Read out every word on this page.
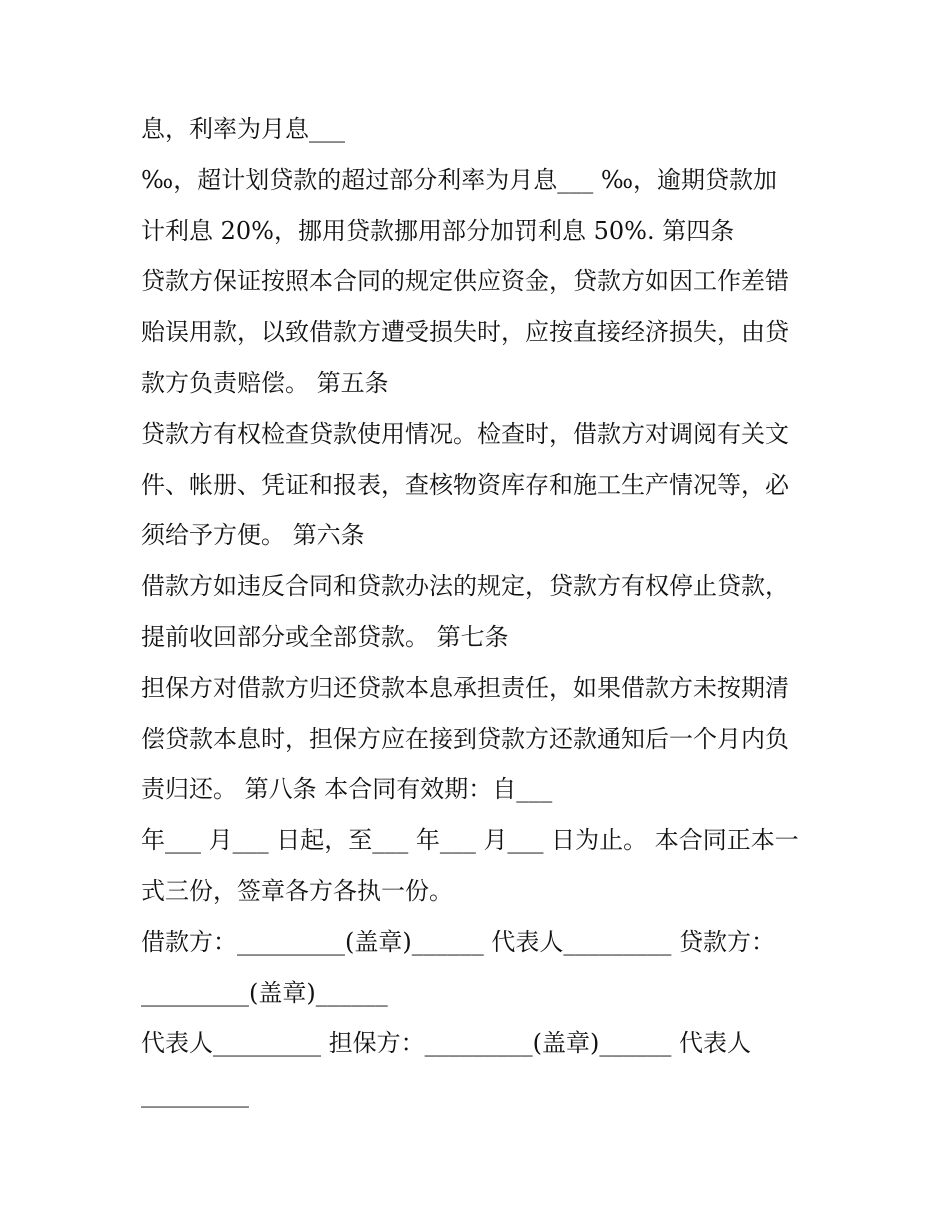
息，利率为月息___
‰，超计划贷款的超过部分利率为月息___ ‰，逾期贷款加
计利息 20%，挪用贷款挪用部分加罚利息 50%. 第四条
贷款方保证按照本合同的规定供应资金，贷款方如因工作差错
贻误用款，以致借款方遭受损失时，应按直接经济损失，由贷
款方负责赔偿。 第五条
贷款方有权检查贷款使用情况。检查时，借款方对调阅有关文
件、帐册、凭证和报表，查核物资库存和施工生产情况等，必
须给予方便。 第六条
借款方如违反合同和贷款办法的规定，贷款方有权停止贷款，
提前收回部分或全部贷款。 第七条
担保方对借款方归还贷款本息承担责任，如果借款方未按期清
偿贷款本息时，担保方应在接到贷款方还款通知后一个月内负
责归还。 第八条 本合同有效期：自___
年___ 月___ 日起，至___ 年___ 月___ 日为止。 本合同正本一
式三份，签章各方各执一份。
借款方：_________(盖章)______ 代表人_________ 贷款方：
_________(盖章)______
代表人_________ 担保方：_________(盖章)______ 代表人
_________
